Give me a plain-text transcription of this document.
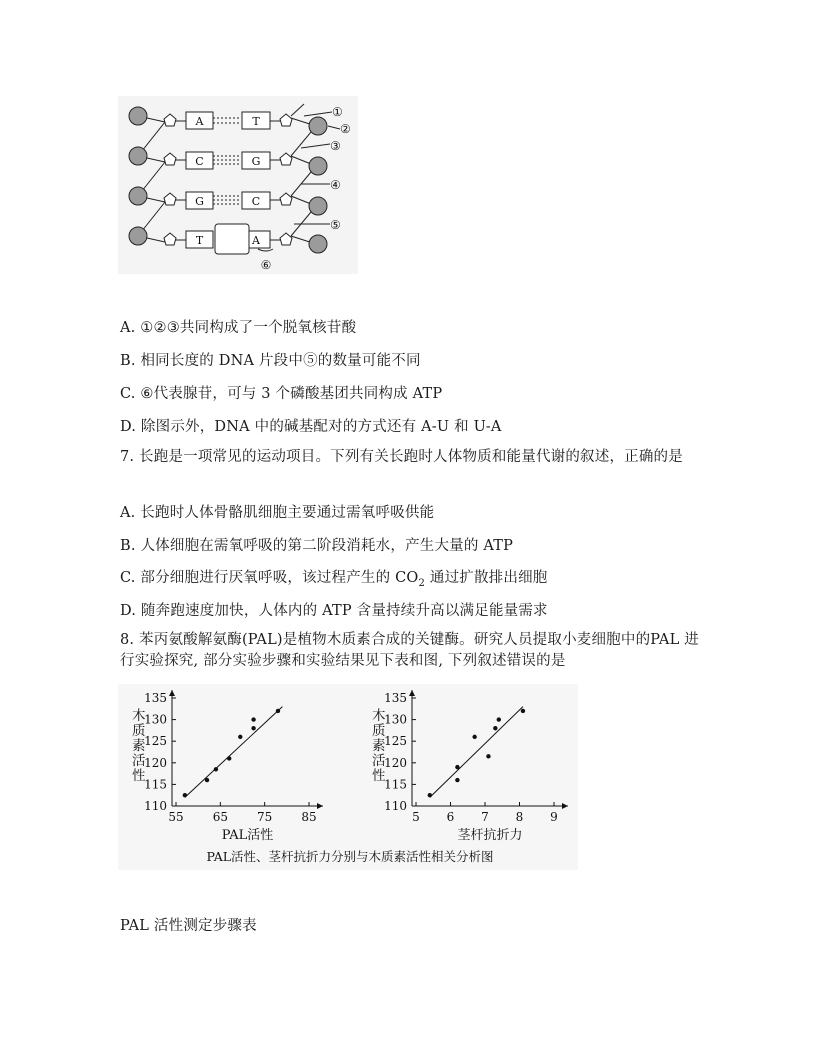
A	T
C	G
G	C
T	A
①
②
③
④
⑤
⑥
A. ①②③共同构成了一个脱氧核苷酸
B. 相同长度的 DNA 片段中⑤的数量可能不同
C. ⑥代表腺苷，可与 3 个磷酸基团共同构成 ATP
D. 除图示外，DNA 中的碱基配对的方式还有 A-U 和 U-A
7. 长跑是一项常见的运动项目。下列有关长跑时人体物质和能量代谢的叙述，正确的是
A. 长跑时人体骨骼肌细胞主要通过需氧呼吸供能
B. 人体细胞在需氧呼吸的第二阶段消耗水，产生大量的 ATP
C. 部分细胞进行厌氧呼吸，该过程产生的 $CO_2$ 通过扩散排出细胞
D. 随奔跑速度加快，人体内的 ATP 含量持续升高以满足能量需求
8. 苯丙氨酸解氨酶(PAL)是植物木质素合成的关键酶。研究人员提取小麦细胞中的PAL 进行实验探究, 部分实验步骤和实验结果见下表和图, 下列叙述错误的是
135
130
125
120
115
110
55 65 75 85
木质素活性
PAL活性
135
130
125
120
115
110
5 6 7 8 9
木质素活性
茎杆抗折力
PAL活性、茎杆抗折力分别与木质素活性相关分析图
PAL 活性测定步骤表
